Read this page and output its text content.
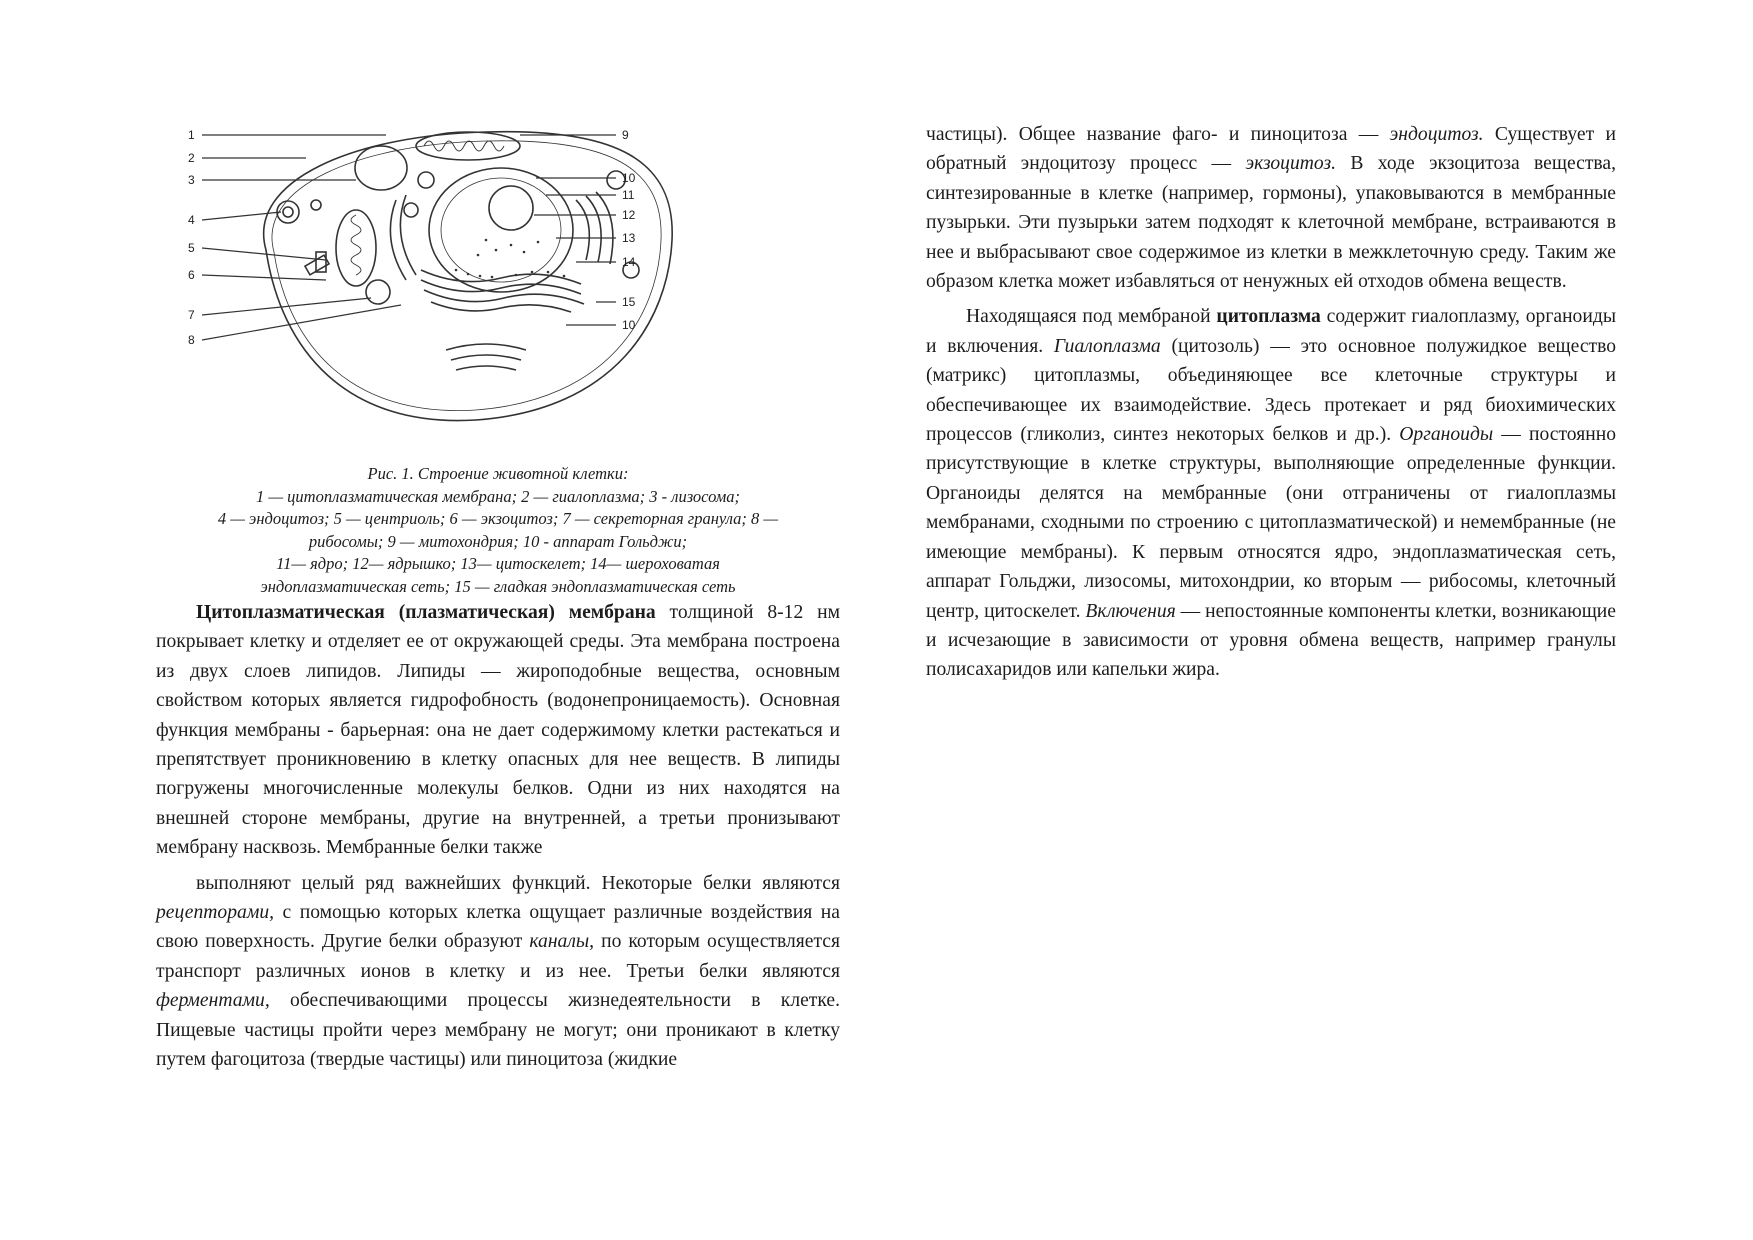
1
2
3
4
5
6
7
8
9
10
11
12
13
14
15
10
Рис. 1. Строение животной клетки:
1 — цитоплазматическая мембрана; 2 — гиалоплазма; 3 - лизосома;
4 — эндоцитоз; 5 — центриоль; 6 — экзоцитоз; 7 — секреторная гранула; 8 —
рибосомы; 9 — митохондрия; 10 - аппарат Гольджи;
11— ядро; 12— ядрышко; 13— цитоскелет; 14— шероховатая
эндоплазматическая сеть; 15 — гладкая эндоплазматическая сеть

Цитоплазматическая (плазматическая) мембрана толщиной 8-12 нм покрывает клетку и отделяет ее от окружающей среды. Эта мембрана построена из двух слоев липидов. Липиды — жироподобные вещества, основным свойством которых является гидрофобность (водонепроницаемость). Основная функция мембраны - барьерная: она не дает содержимому клетки растекаться и препятствует проникновению в клетку опасных для нее веществ. В липиды погружены многочисленные молекулы белков. Одни из них находятся на внешней стороне мембраны, другие на внутренней, а третьи пронизывают мембрану насквозь. Мембранные белки также

выполняют целый ряд важнейших функций. Некоторые белки являются рецепторами, с помощью которых клетка ощущает различные воздействия на свою поверхность. Другие белки образуют каналы, по которым осуществляется транспорт различных ионов в клетку и из нее. Третьи белки являются ферментами, обеспечивающими процессы жизнедеятельности в клетке. Пищевые частицы пройти через мембрану не могут; они проникают в клетку путем фагоцитоза (твердые частицы) или пиноцитоза (жидкие

частицы). Общее название фаго- и пиноцитоза — эндоцитоз. Существует и обратный эндоцитозу процесс — экзоцитоз. В ходе экзоцитоза вещества, синтезированные в клетке (например, гормоны), упаковываются в мембранные пузырьки. Эти пузырьки затем подходят к клеточной мембране, встраиваются в нее и выбрасывают свое содержимое из клетки в межклеточную среду. Таким же образом клетка может избавляться от ненужных ей отходов обмена веществ.

Находящаяся под мембраной цитоплазма содержит гиалоплазму, органоиды и включения. Гиалоплазма (цитозоль) — это основное полужидкое вещество (матрикс) цитоплазмы, объединяющее все клеточные структуры и обеспечивающее их взаимодействие. Здесь протекает и ряд биохимических процессов (гликолиз, синтез некоторых белков и др.). Органоиды — постоянно присутствующие в клетке структуры, выполняющие определенные функции. Органоиды делятся на мембранные (они отграничены от гиалоплазмы мембранами, сходными по строению с цитоплазматической) и немембранные (не имеющие мембраны). К первым относятся ядро, эндоплазматическая сеть, аппарат Гольджи, лизосомы, митохондрии, ко вторым — рибосомы, клеточный центр, цитоскелет. Включения — непостоянные компоненты клетки, возникающие и исчезающие в зависимости от уровня обмена веществ, например гранулы полисахаридов или капельки жира.
